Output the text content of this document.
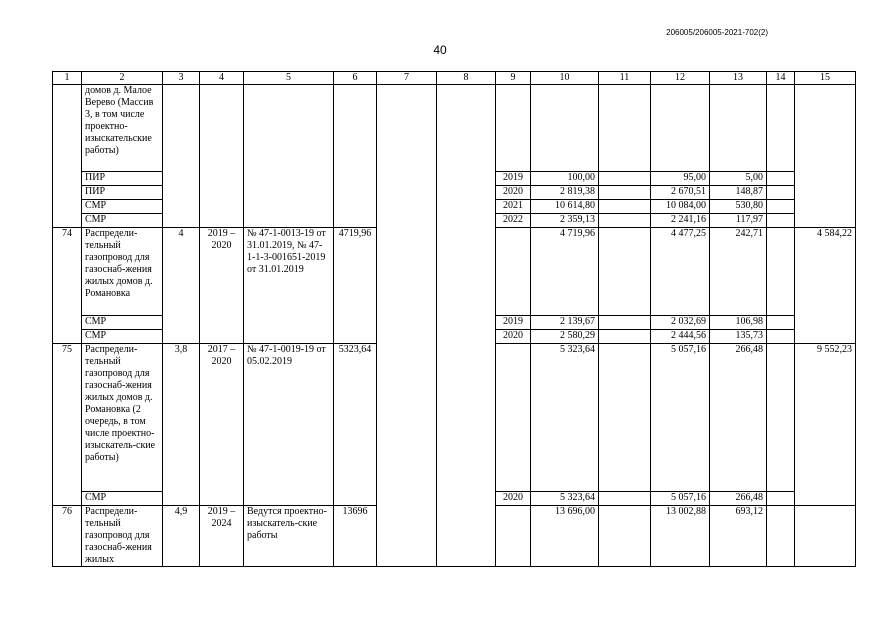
206005/206005-2021-702(2)
40
1	2	3	4	5	6	7	8	9	10	11	12	13	14	15
	домов д. Малое Верево (Массив 3, в том числе проектно-изыскательские работы)													
	ПИР							2019	100,00		95,00	5,00		
	ПИР							2020	2 819,38		2 670,51	148,87		
	СМР							2021	10 614,80		10 084,00	530,80		
	СМР							2022	2 359,13		2 241,16	117,97		
74	Распредели-тельный газопровод для газоснаб-жения жилых домов д. Романовка	4	2019 – 2020	№ 47-1-0013-19 от 31.01.2019, № 47-1-1-3-001651-2019 от 31.01.2019	4719,96				4 719,96		4 477,25	242,71		4 584,22
	СМР							2019	2 139,67		2 032,69	106,98		
	СМР							2020	2 580,29		2 444,56	135,73		
75	Распредели-тельный газопровод для газоснаб-жения жилых домов д. Романовка (2 очередь, в том числе проектно-изыскатель-ские работы)	3,8	2017 – 2020	№ 47-1-0019-19 от 05.02.2019	5323,64				5 323,64		5 057,16	266,48		9 552,23
	СМР							2020	5 323,64		5 057,16	266,48		
76	Распредели-тельный газопровод для газоснаб-жения жилых	4,9	2019 – 2024	Ведутся проектно-изыскатель-ские работы	13696				13 696,00		13 002,88	693,12		
